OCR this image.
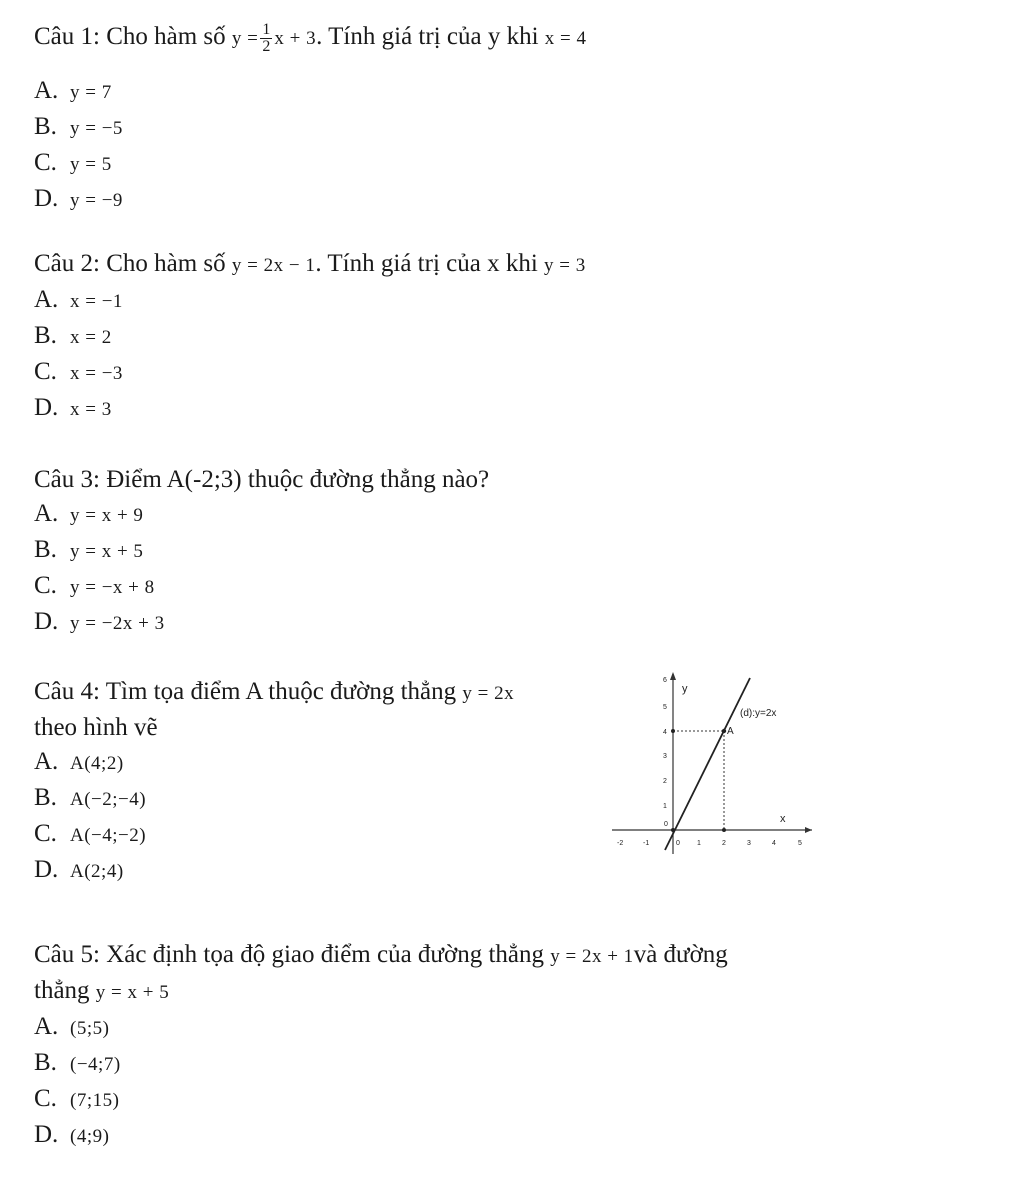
Câu 1: Cho hàm số $y = \frac{1}{2}$ x + 3. Tính giá trị của y khi x = 4
A. y = 7
B. y = −5
C. y = 5
D. y = −9
Câu 2: Cho hàm số y = 2x − 1. Tính giá trị của x khi y = 3
A. x = −1
B. x = 2
C. x = −3
D. x = 3
Câu 3: Điểm A(-2;3) thuộc đường thẳng nào?
A. y = x + 9
B. y = x + 5
C. y = −x + 8
D. y = −2x + 3
Câu 4: Tìm tọa điểm A thuộc đường thẳng y = 2x
theo hình vẽ
A. A(4;2)
B. A(−2;−4)
C. A(−4;−2)
D. A(2;4)
y
x
(d):y=2x
A
0
-2	-1	0 1	2	3	4	5
1
2
3
4
5
6
Câu 5: Xác định tọa độ giao điểm của đường thẳng y = 2x + 1và đường
thẳng y = x + 5
A. (5;5)
B. (−4;7)
C. (7;15)
D. (4;9)
